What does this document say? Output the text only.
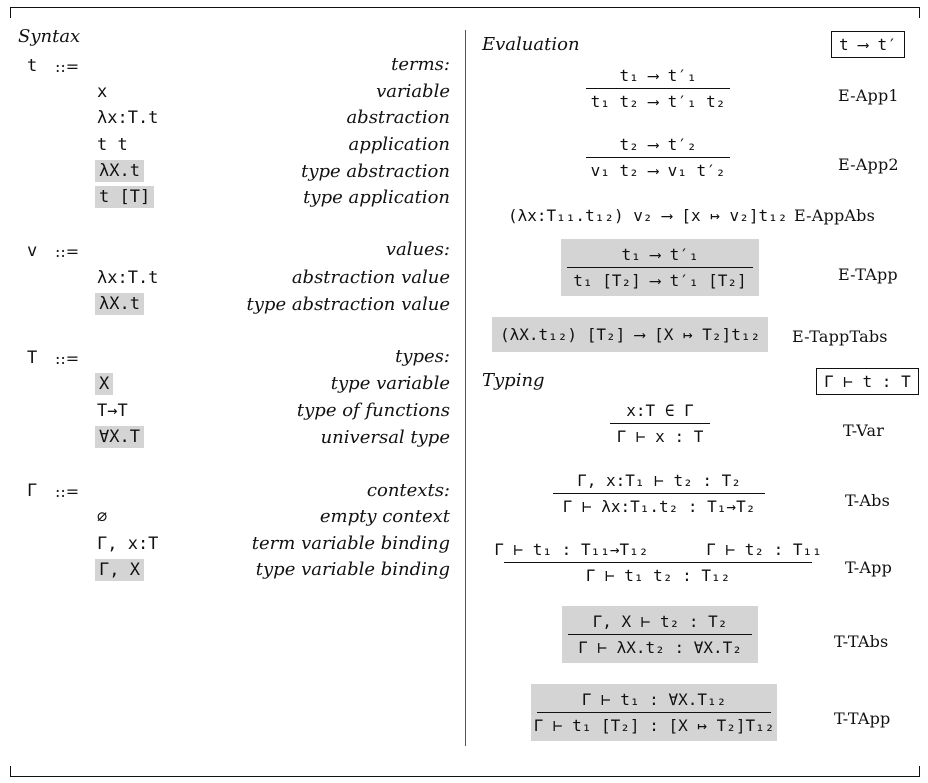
Syntax
t ::=	terms:
x	variable
λx:T.t	abstraction
t t	application
λX.t	type abstraction
t [T]	type application
v ::=	values:
λx:T.t	abstraction value
λX.t	type abstraction value
T ::=	types:
X	type variable
T→T	type of functions
∀X.T	universal type
Γ ::=	contexts:
∅	empty context
Γ, x:T	term variable binding
Γ, X	type variable binding
Evaluation	t ⟶ t′
t₁ ⟶ t′₁
t₁ t₂ ⟶ t′₁ t₂	E-App1
t₂ ⟶ t′₂
v₁ t₂ ⟶ v₁ t′₂	E-App2
(λx:T₁₁.t₁₂) v₂ ⟶ [x ↦ v₂]t₁₂ E-AppAbs
t₁ ⟶ t′₁
t₁ [T₂] ⟶ t′₁ [T₂]	E-TApp
(λX.t₁₂) [T₂] ⟶ [X ↦ T₂]t₁₂	E-TappTabs
Typing	Γ ⊢ t : T
x:T ∈ Γ
Γ ⊢ x : T	T-Var
Γ, x:T₁ ⊢ t₂ : T₂
Γ ⊢ λx:T₁.t₂ : T₁→T₂	T-Abs
Γ ⊢ t₁ : T₁₁→T₁₂      Γ ⊢ t₂ : T₁₁
Γ ⊢ t₁ t₂ : T₁₂	T-App
Γ, X ⊢ t₂ : T₂
Γ ⊢ λX.t₂ : ∀X.T₂	T-TAbs
Γ ⊢ t₁ : ∀X.T₁₂
Γ ⊢ t₁ [T₂] : [X ↦ T₂]T₁₂	T-TApp
